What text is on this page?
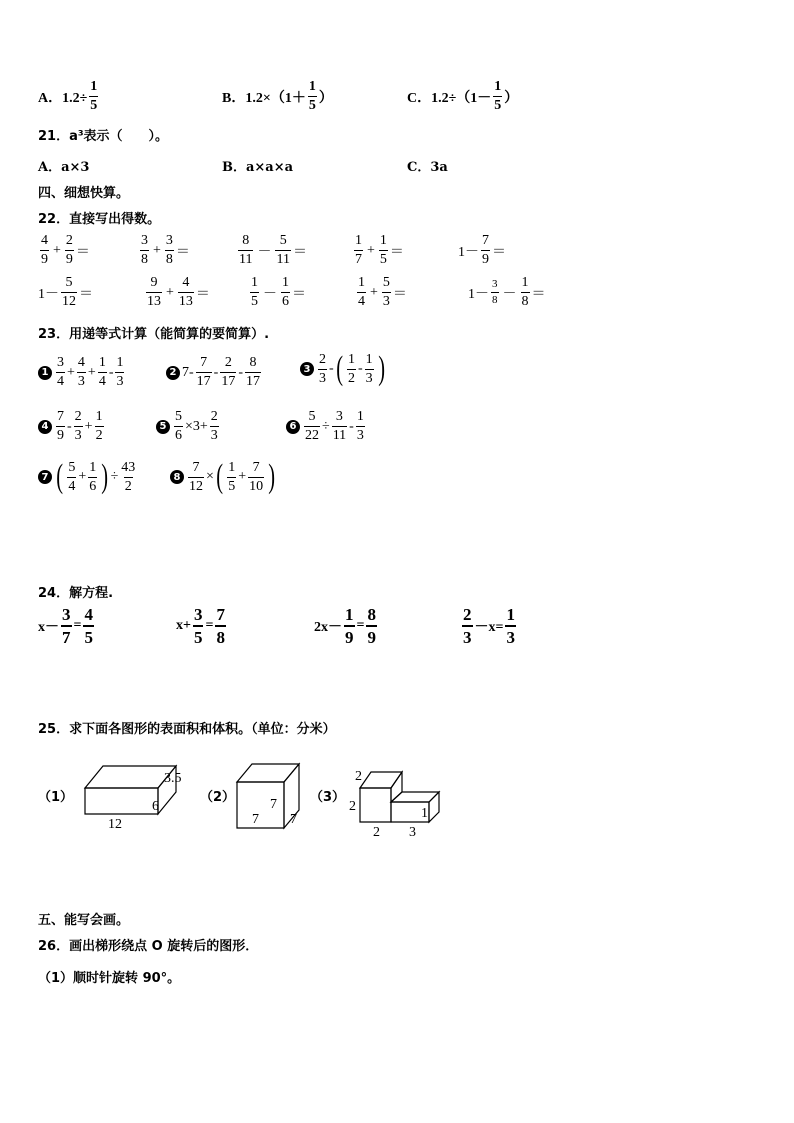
A．$1.2\div \frac{1}{5}$	B．$1.2\times(1+ \frac{1}{5}$ ）	C．$1.2\div(1- \frac{1}{5}$ ）
21．a³表示（　　）。
A．a×3	B．a×a×a	C．3a
四、细想快算。
22．直接写出得数。
$\frac{4}{9} + \frac{2}{9}$ ＝	$\frac{3}{8} + \frac{3}{8}$ ＝	$\frac{8}{11} - \frac{5}{11}$ ＝	$\frac{1}{7} + \frac{1}{5}$ ＝	$1- \frac{7}{9}$ ＝
$1- \frac{5}{12}$ ＝	$\frac{9}{13} + \frac{4}{13}$ ＝	$\frac{1}{5} - \frac{1}{6}$ ＝	$\frac{1}{4} + \frac{5}{3}$ ＝	$1- \frac{3}{8} - \frac{1}{8}$ ＝
23．用递等式计算（能简算的要简算）.
$1 \frac{3}{4} + \frac{4}{3} + \frac{1}{4} - \frac{1}{3}$	2 $7- \frac{7}{17} - \frac{2}{17} - \frac{8}{17}$	$3 \frac{2}{3}$ - ( $\frac{1}{2} - \frac{1}{3}$ )
$4 \frac{7}{9} - \frac{2}{3} + \frac{1}{2}$	$5 \frac{5}{6} \times 3+ \frac{2}{3}$	$6 \frac{5}{22} \div \frac{3}{11} - \frac{1}{3}$
7 ( $\frac{5}{4} + \frac{1}{6}$ ) ÷ $\frac{43}{2}$	$8 \frac{7}{12}$ × ( $\frac{1}{5} + \frac{7}{10}$ )
24．解方程.
$x- \frac{3}{7} = \frac{4}{5}$	$x+ \frac{3}{5} = \frac{7}{8}$	$2x- \frac{1}{9} = \frac{8}{9}$	$\frac{2}{3} -x= \frac{1}{3}$
25．求下面各图形的表面积和体积。（单位：分米）
（1）
12
6
3.5
（2）
7
7
7
（3）
2
2
2 3
1
五、能写会画。
26．画出梯形绕点 O 旋转后的图形．
（1）顺时针旋转 90°。
